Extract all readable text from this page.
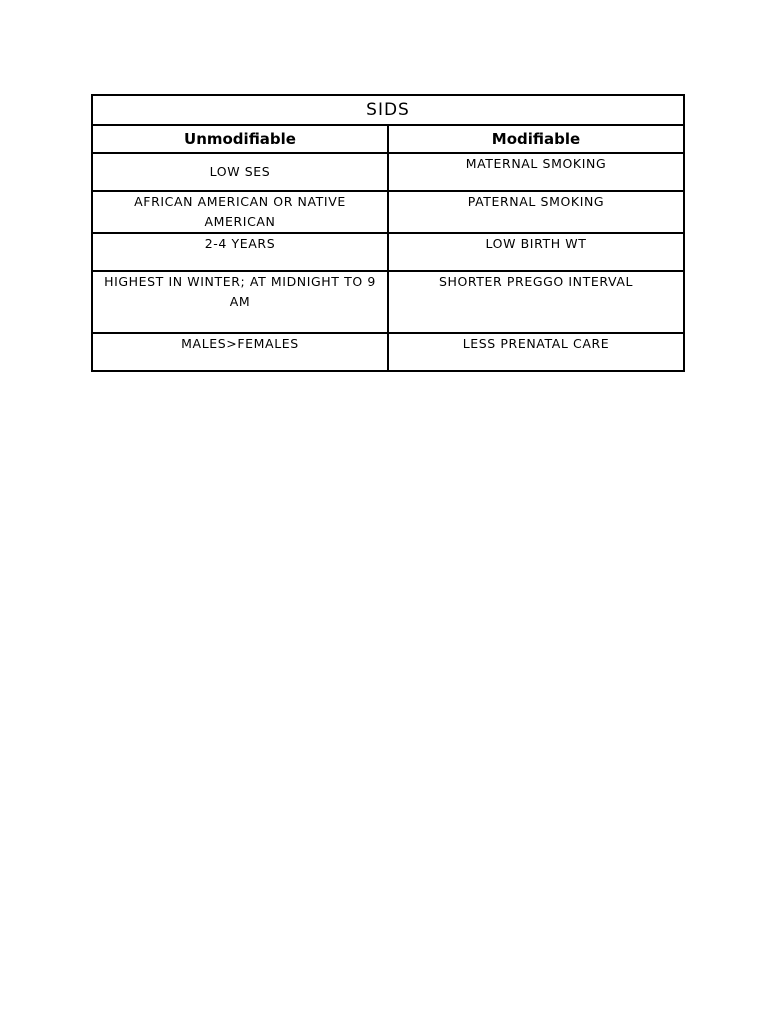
SIDS	
Unmodifiable	Modifiable
LOW SES	MATERNAL SMOKING
AFRICAN AMERICAN OR NATIVE AMERICAN	PATERNAL SMOKING
2-4 YEARS	LOW BIRTH WT
HIGHEST IN WINTER; AT MIDNIGHT TO 9 AM	SHORTER PREGGO INTERVAL
MALES>FEMALES	LESS PRENATAL CARE
